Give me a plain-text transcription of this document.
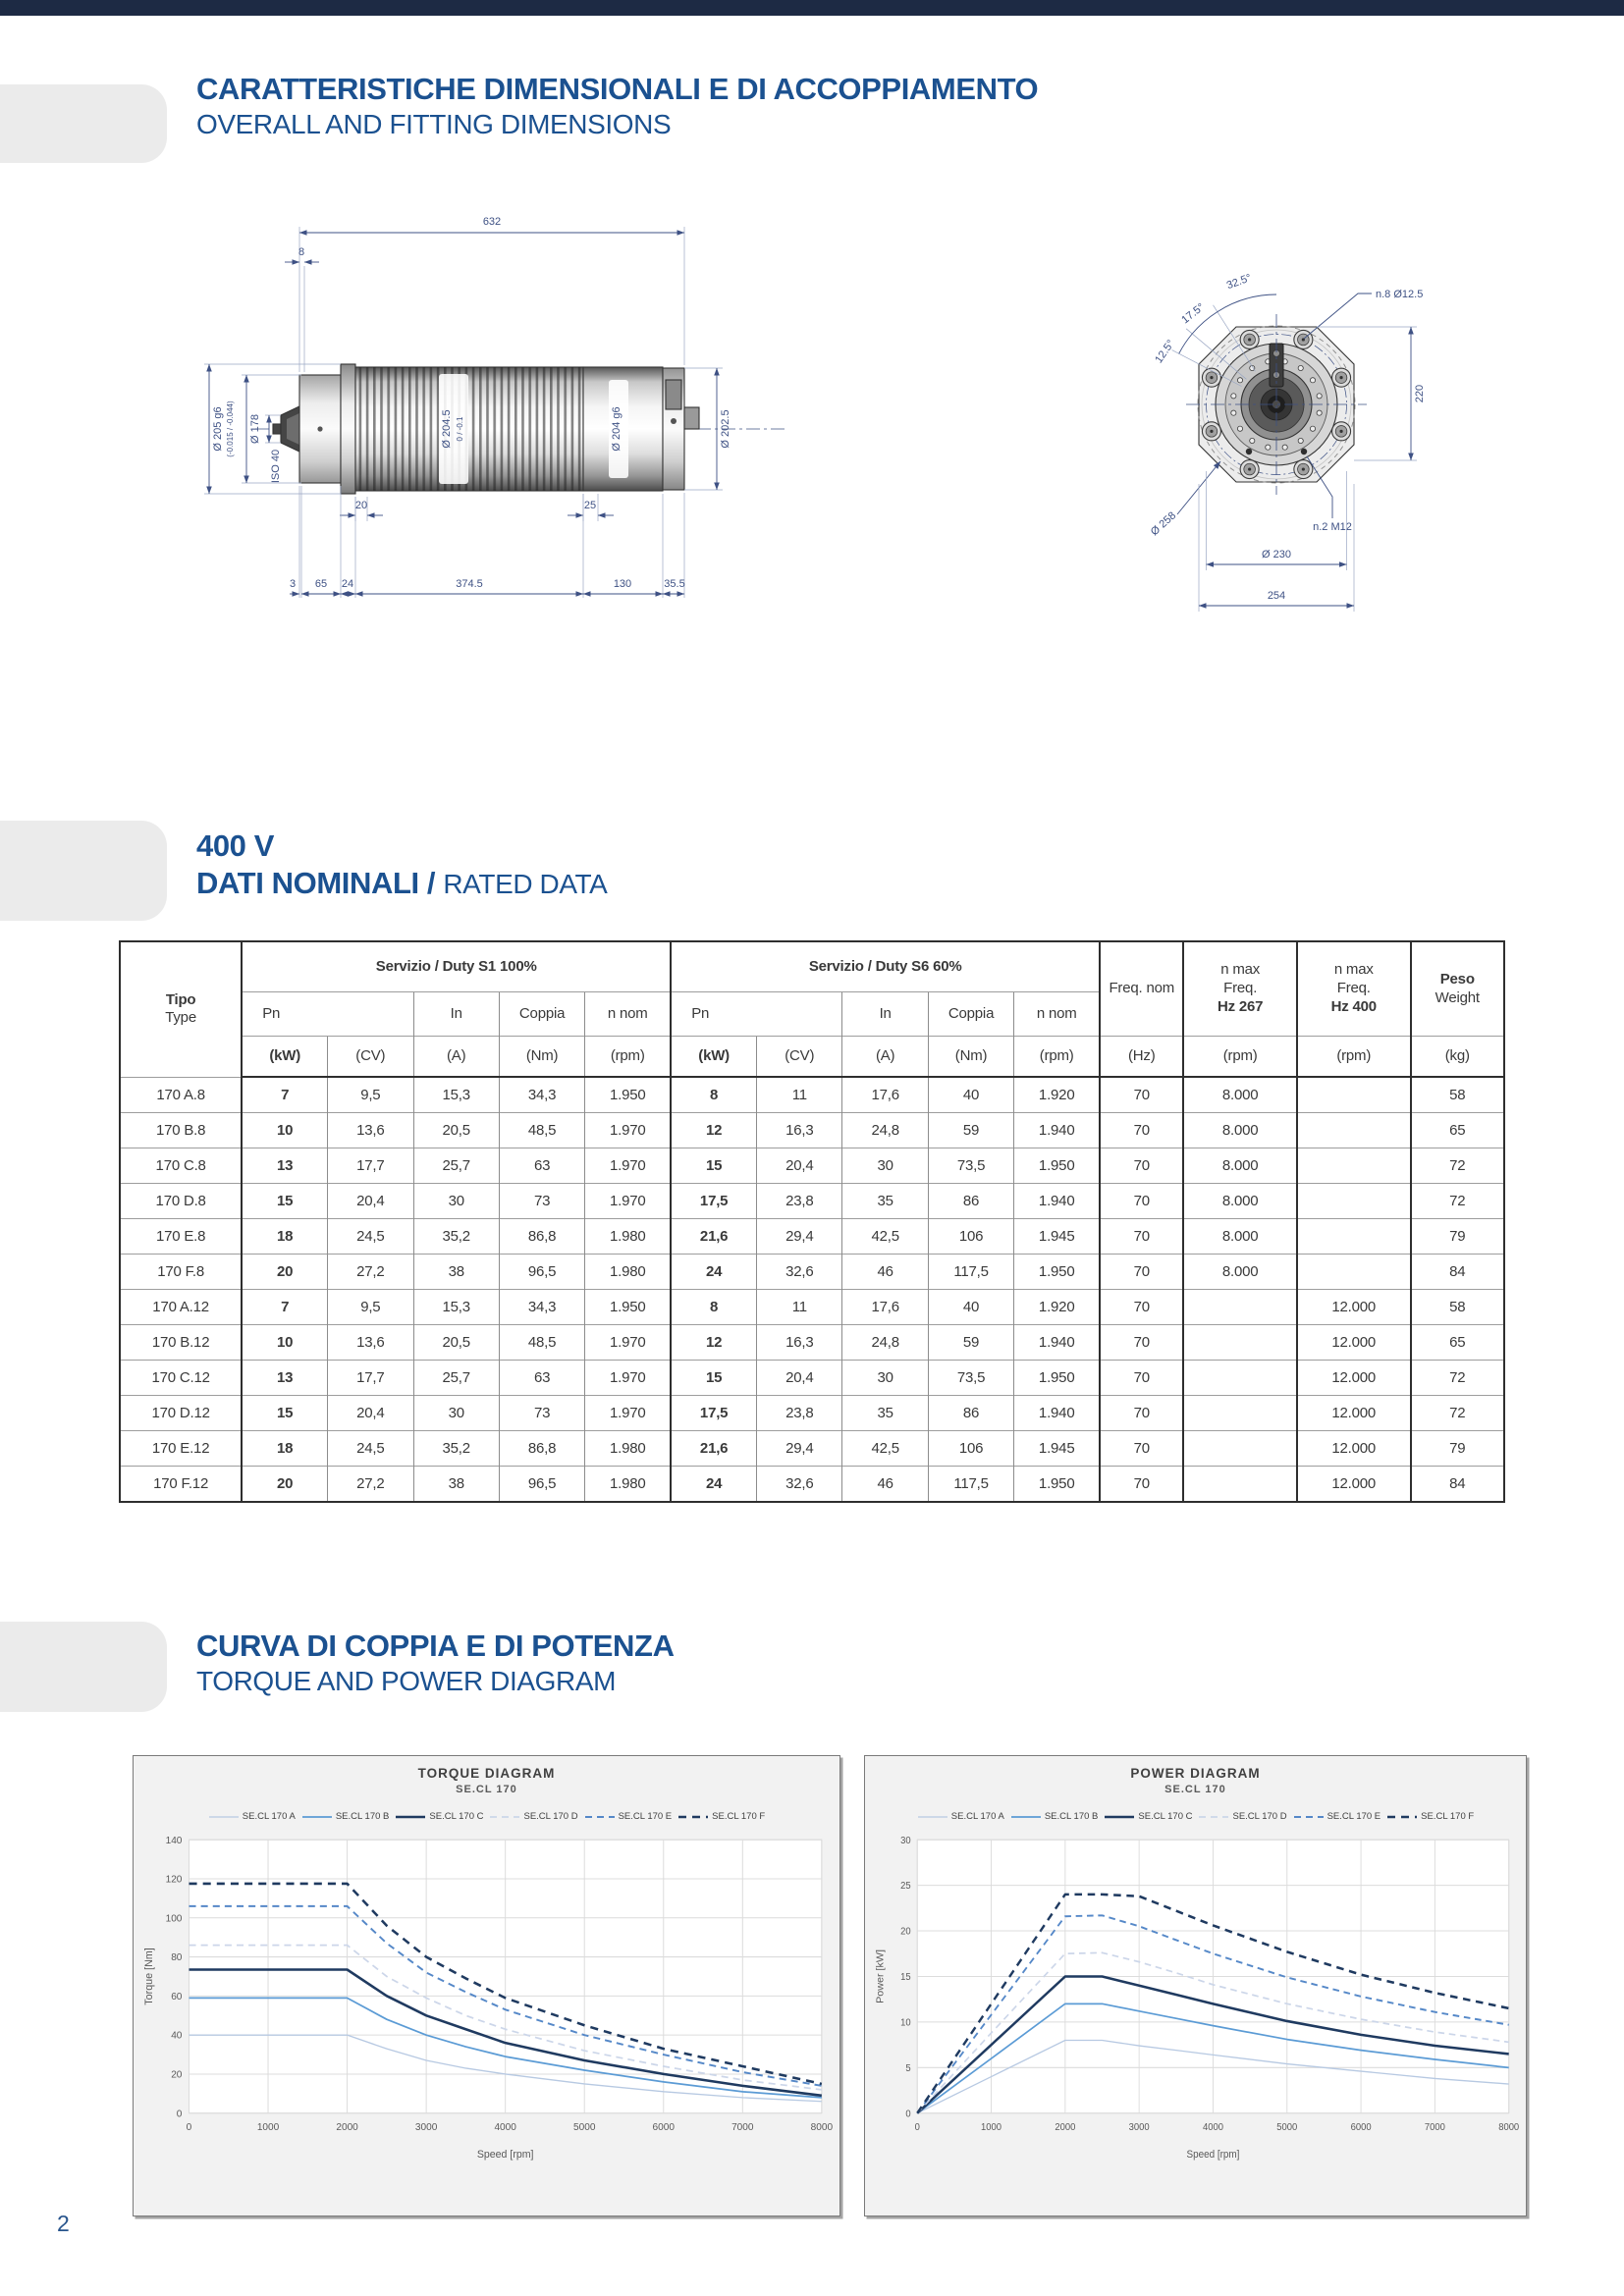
CARATTERISTICHE DIMENSIONALI E DI ACCOPPIAMENTO
OVERALL AND FITTING DIMENSIONS
Ø 204.5 0 / -0.1	Ø 204 g6
632
8
Ø 205 g6 (-0.015 / -0.044) Ø 178
ISO 40
Ø 202.5
20	25
3 65 24	374.5	130	35.5
32.5°
17.5°
12.5°
n.8 Ø12.5
220
Ø 258	n.2 M12
Ø 230
254
400 V
DATI NOMINALI / RATED DATA
Tipo
Type	Servizio / Duty S1 100%					Servizio / Duty S6 60%					Freq. nom	n max
Freq.
Hz 267	n max
Freq.
Hz 400	Peso
Weight
	Pn		In	Coppia	n nom	Pn		In	Coppia	n nom				
	(kW)	(CV)	(A)	(Nm)	(rpm)	(kW)	(CV)	(A)	(Nm)	(rpm)	(Hz)	(rpm)	(rpm)	(kg)
170 A.8	7	9,5	15,3	34,3	1.950	8	11	17,6	40	1.920	70	8.000		58
170 B.8	10	13,6	20,5	48,5	1.970	12	16,3	24,8	59	1.940	70	8.000		65
170 C.8	13	17,7	25,7	63	1.970	15	20,4	30	73,5	1.950	70	8.000		72
170 D.8	15	20,4	30	73	1.970	17,5	23,8	35	86	1.940	70	8.000		72
170 E.8	18	24,5	35,2	86,8	1.980	21,6	29,4	42,5	106	1.945	70	8.000		79
170 F.8	20	27,2	38	96,5	1.980	24	32,6	46	117,5	1.950	70	8.000		84
170 A.12	7	9,5	15,3	34,3	1.950	8	11	17,6	40	1.920	70		12.000	58
170 B.12	10	13,6	20,5	48,5	1.970	12	16,3	24,8	59	1.940	70		12.000	65
170 C.12	13	17,7	25,7	63	1.970	15	20,4	30	73,5	1.950	70		12.000	72
170 D.12	15	20,4	30	73	1.970	17,5	23,8	35	86	1.940	70		12.000	72
170 E.12	18	24,5	35,2	86,8	1.980	21,6	29,4	42,5	106	1.945	70		12.000	79
170 F.12	20	27,2	38	96,5	1.980	24	32,6	46	117,5	1.950	70		12.000	84
CURVA DI COPPIA E DI POTENZA
TORQUE AND POWER DIAGRAM
TORQUE DIAGRAM
SE.CL 170
SE.CL 170 A	SE.CL 170 B	SE.CL 170 C	SE.CL 170 D	SE.CL 170 E	SE.CL 170 F
0
20
40
60
80
100
120
140
0	1000	2000	3000	4000	5000	6000	7000	8000
Speed [rpm]
Torque [Nm]
POWER DIAGRAM
SE.CL 170
SE.CL 170 A	SE.CL 170 B	SE.CL 170 C	SE.CL 170 D	SE.CL 170 E	SE.CL 170 F
0
5
10
15
20
25
30
0	1000	2000	3000	4000	5000	6000	7000	8000
Speed [rpm]
Power [kW]
2
